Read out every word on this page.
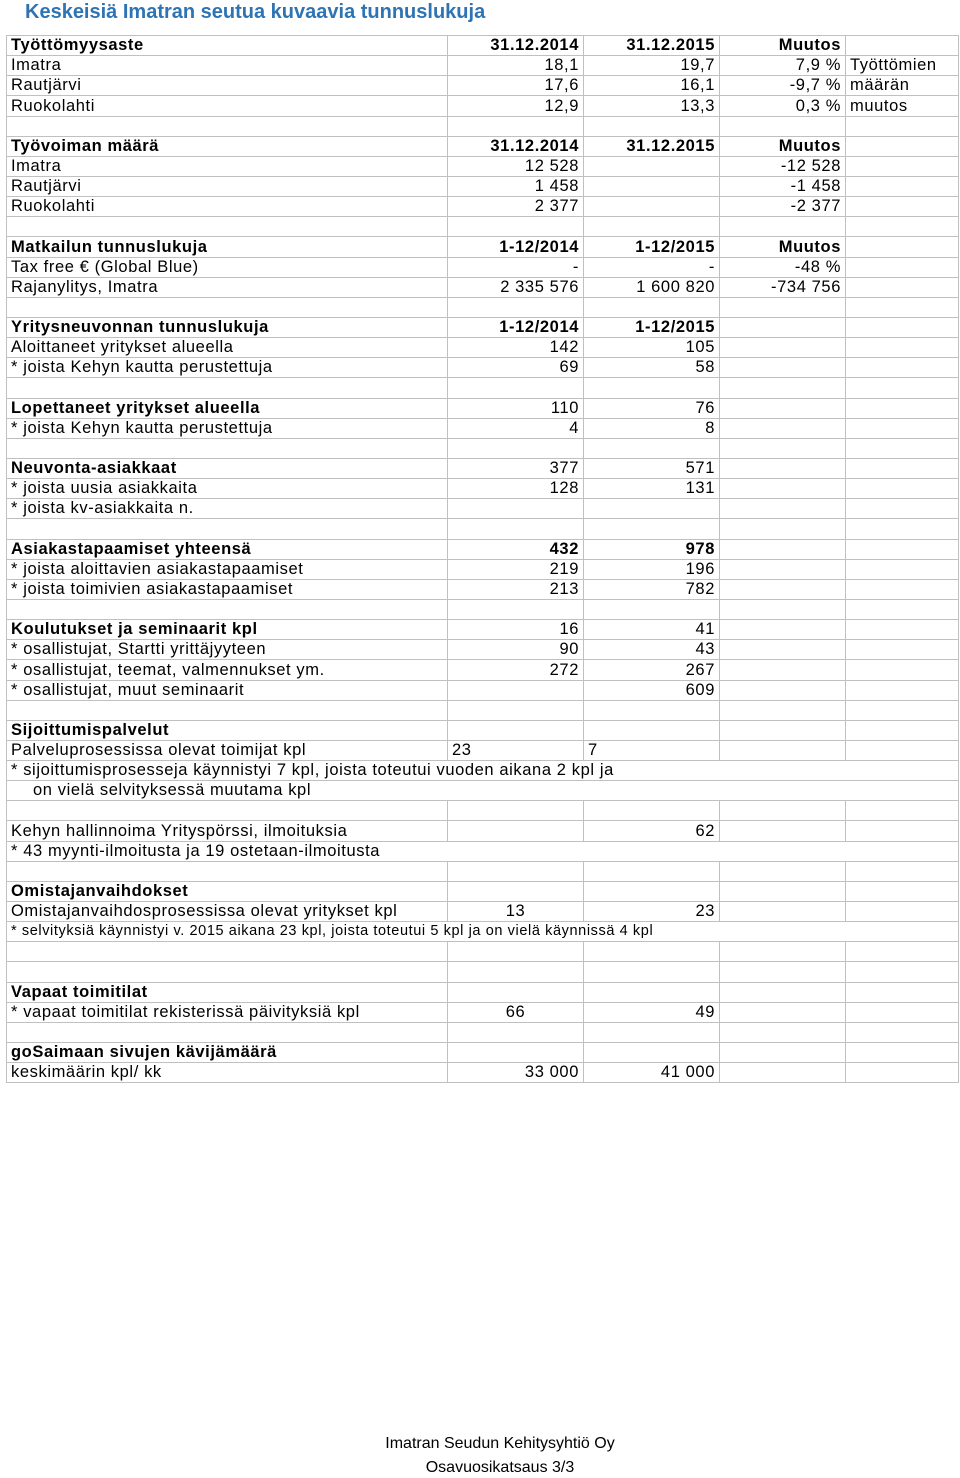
Keskeisiä Imatran seutua kuvaavia tunnuslukuja
Työttömyysaste	31.12.2014	31.12.2015	Muutos	
Imatra	18,1	19,7	7,9 %	Työttömien
Rautjärvi	17,6	16,1	-9,7 %	määrän
Ruokolahti	12,9	13,3	0,3 %	muutos

Työvoiman määrä	31.12.2014	31.12.2015	Muutos	
Imatra	12 528		-12 528	
Rautjärvi	1 458		-1 458	
Ruokolahti	2 377		-2 377	

Matkailun tunnuslukuja	1-12/2014	1-12/2015	Muutos	
Tax free € (Global Blue)	-	-	-48 %	
Rajanylitys, Imatra	2 335 576	1 600 820	-734 756	

Yritysneuvonnan tunnuslukuja	1-12/2014	1-12/2015		
Aloittaneet yritykset alueella	142	105		
* joista Kehyn kautta perustettuja	69	58		

Lopettaneet yritykset alueella	110	76		
* joista Kehyn kautta perustettuja	4	8		

Neuvonta-asiakkaat	377	571		
* joista uusia asiakkaita	128	131		
* joista kv-asiakkaita n.				

Asiakastapaamiset yhteensä	432	978		
* joista aloittavien asiakastapaamiset	219	196		
* joista toimivien asiakastapaamiset	213	782		

Koulutukset ja seminaarit kpl	16	41		
* osallistujat, Startti yrittäjyyteen	90	43		
* osallistujat, teemat, valmennukset ym.	272	267		
* osallistujat, muut seminaarit		609		

Sijoittumispalvelut				
Palveluprosessissa olevat toimijat kpl	23	7		
* sijoittumisprosesseja käynnistyi 7 kpl, joista toteutui vuoden aikana 2 kpl ja				
on vielä selvityksessä muutama kpl				

Kehyn hallinnoima Yrityspörssi, ilmoituksia		62		
* 43 myynti-ilmoitusta ja 19 ostetaan-ilmoitusta				

Omistajanvaihdokset				
Omistajanvaihdosprosessissa olevat yritykset kpl	13	23		
* selvityksiä käynnistyi v. 2015 aikana 23 kpl, joista toteutui 5 kpl ja on vielä käynnissä 4 kpl				

Vapaat toimitilat				
* vapaat toimitilat rekisterissä päivityksiä kpl	66	49		

goSaimaan sivujen kävijämäärä				
keskimäärin kpl/ kk	33 000	41 000		
Imatran Seudun Kehitysyhtiö Oy
Osavuosikatsaus 3/3
